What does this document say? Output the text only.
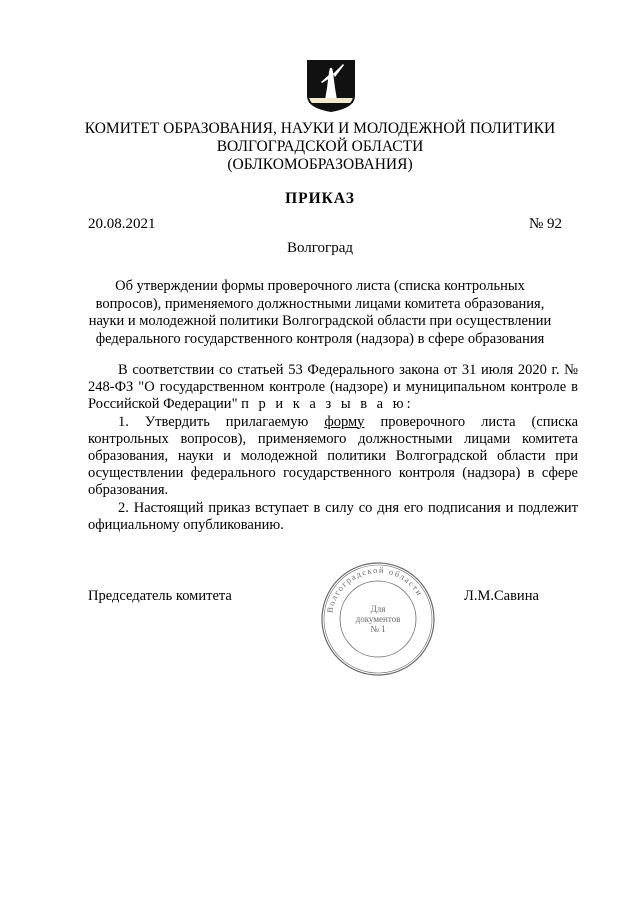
КОМИТЕТ ОБРАЗОВАНИЯ, НАУКИ И МОЛОДЕЖНОЙ ПОЛИТИКИ
ВОЛГОГРАДСКОЙ ОБЛАСТИ
(ОБЛКОМОБРАЗОВАНИЯ)
ПРИКАЗ
20.08.2021	№ 92
Волгоград
Об утверждении формы проверочного листа (списка контрольных
вопросов), применяемого должностными лицами комитета образования,
науки и молодежной политики Волгоградской области при осуществлении
федерального государственного контроля (надзора) в сфере образования

В соответствии со статьей 53 Федерального закона от 31 июля 2020 г. № 248-ФЗ "О государственном контроле (надзоре) и муниципальном контроле в Российской Федерации" п р и к а з ы в а ю:

1. Утвердить прилагаемую форму проверочного листа (списка контрольных вопросов), применяемого должностными лицами комитета образования, науки и молодежной политики Волгоградской области при осуществлении федерального государственного контроля (надзора) в сфере образования.

2. Настоящий приказ вступает в силу со дня его подписания и подлежит официальному опубликованию.

Председатель комитета	Л.М.Савина
Волгоградской области
Для
документов
№ 1
